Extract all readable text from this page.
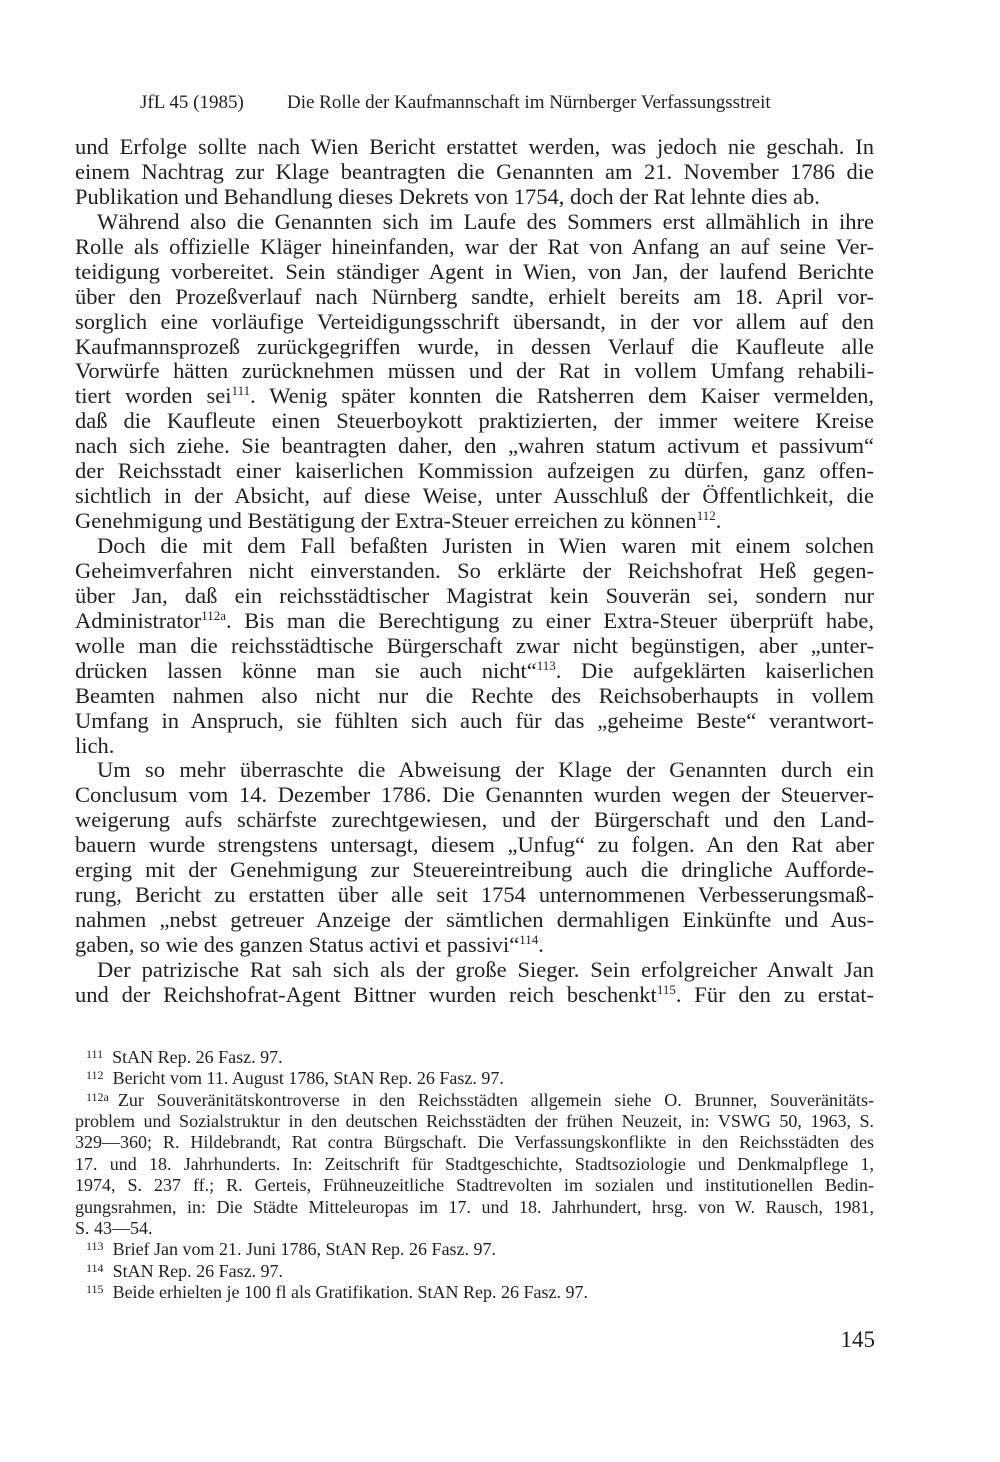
JfL 45 (1985) Die Rolle der Kaufmannschaft im Nürnberger Verfassungsstreit
und Erfolge sollte nach Wien Bericht erstattet werden, was jedoch nie geschah. In
einem Nachtrag zur Klage beantragten die Genannten am 21. November 1786 die
Publikation und Behandlung dieses Dekrets von 1754, doch der Rat lehnte dies ab.
Während also die Genannten sich im Laufe des Sommers erst allmählich in ihre
Rolle als offizielle Kläger hineinfanden, war der Rat von Anfang an auf seine Ver-
teidigung vorbereitet. Sein ständiger Agent in Wien, von Jan, der laufend Berichte
über den Prozeßverlauf nach Nürnberg sandte, erhielt bereits am 18. April vor-
sorglich eine vorläufige Verteidigungsschrift übersandt, in der vor allem auf den
Kaufmannsprozeß zurückgegriffen wurde, in dessen Verlauf die Kaufleute alle
Vorwürfe hätten zurücknehmen müssen und der Rat in vollem Umfang rehabili-
tiert worden sei$^{111}$. Wenig später konnten die Ratsherren dem Kaiser vermelden,
daß die Kaufleute einen Steuerboykott praktizierten, der immer weitere Kreise
nach sich ziehe. Sie beantragten daher, den „wahren statum activum et passivum“
der Reichsstadt einer kaiserlichen Kommission aufzeigen zu dürfen, ganz offen-
sichtlich in der Absicht, auf diese Weise, unter Ausschluß der Öffentlichkeit, die
Genehmigung und Bestätigung der Extra-Steuer erreichen zu können$^{112}$.
Doch die mit dem Fall befaßten Juristen in Wien waren mit einem solchen
Geheimverfahren nicht einverstanden. So erklärte der Reichshofrat Heß gegen-
über Jan, daß ein reichsstädtischer Magistrat kein Souverän sei, sondern nur
Administrator$^{112a}$. Bis man die Berechtigung zu einer Extra-Steuer überprüft habe,
wolle man die reichsstädtische Bürgerschaft zwar nicht begünstigen, aber „unter-
drücken lassen könne man sie auch nicht“$^{113}$. Die aufgeklärten kaiserlichen
Beamten nahmen also nicht nur die Rechte des Reichsoberhaupts in vollem
Umfang in Anspruch, sie fühlten sich auch für das „geheime Beste“ verantwort-
lich.
Um so mehr überraschte die Abweisung der Klage der Genannten durch ein
Conclusum vom 14. Dezember 1786. Die Genannten wurden wegen der Steuerver-
weigerung aufs schärfste zurechtgewiesen, und der Bürgerschaft und den Land-
bauern wurde strengstens untersagt, diesem „Unfug“ zu folgen. An den Rat aber
erging mit der Genehmigung zur Steuereintreibung auch die dringliche Aufforde-
rung, Bericht zu erstatten über alle seit 1754 unternommenen Verbesserungsmaß-
nahmen „nebst getreuer Anzeige der sämtlichen dermahligen Einkünfte und Aus-
gaben, so wie des ganzen Status activi et passivi“$^{114}$.
Der patrizische Rat sah sich als der große Sieger. Sein erfolgreicher Anwalt Jan
und der Reichshofrat-Agent Bittner wurden reich beschenkt$^{115}$. Für den zu erstat-
$^{111}$ StAN Rep. 26 Fasz. 97.
$^{112}$ Bericht vom 11. August 1786, StAN Rep. 26 Fasz. 97.
$^{112a}$ Zur Souveränitätskontroverse in den Reichsstädten allgemein siehe O. Brunner, Souveränitäts-
problem und Sozialstruktur in den deutschen Reichsstädten der frühen Neuzeit, in: VSWG 50, 1963, S.
329—360; R. Hildebrandt, Rat contra Bürgschaft. Die Verfassungskonflikte in den Reichsstädten des
17. und 18. Jahrhunderts. In: Zeitschrift für Stadtgeschichte, Stadtsoziologie und Denkmalpflege 1,
1974, S. 237 ff.; R. Gerteis, Frühneuzeitliche Stadtrevolten im sozialen und institutionellen Bedin-
gungsrahmen, in: Die Städte Mitteleuropas im 17. und 18. Jahrhundert, hrsg. von W. Rausch, 1981,
S. 43—54.
$^{113}$ Brief Jan vom 21. Juni 1786, StAN Rep. 26 Fasz. 97.
$^{114}$ StAN Rep. 26 Fasz. 97.
$^{115}$ Beide erhielten je 100 fl als Gratifikation. StAN Rep. 26 Fasz. 97.
145
